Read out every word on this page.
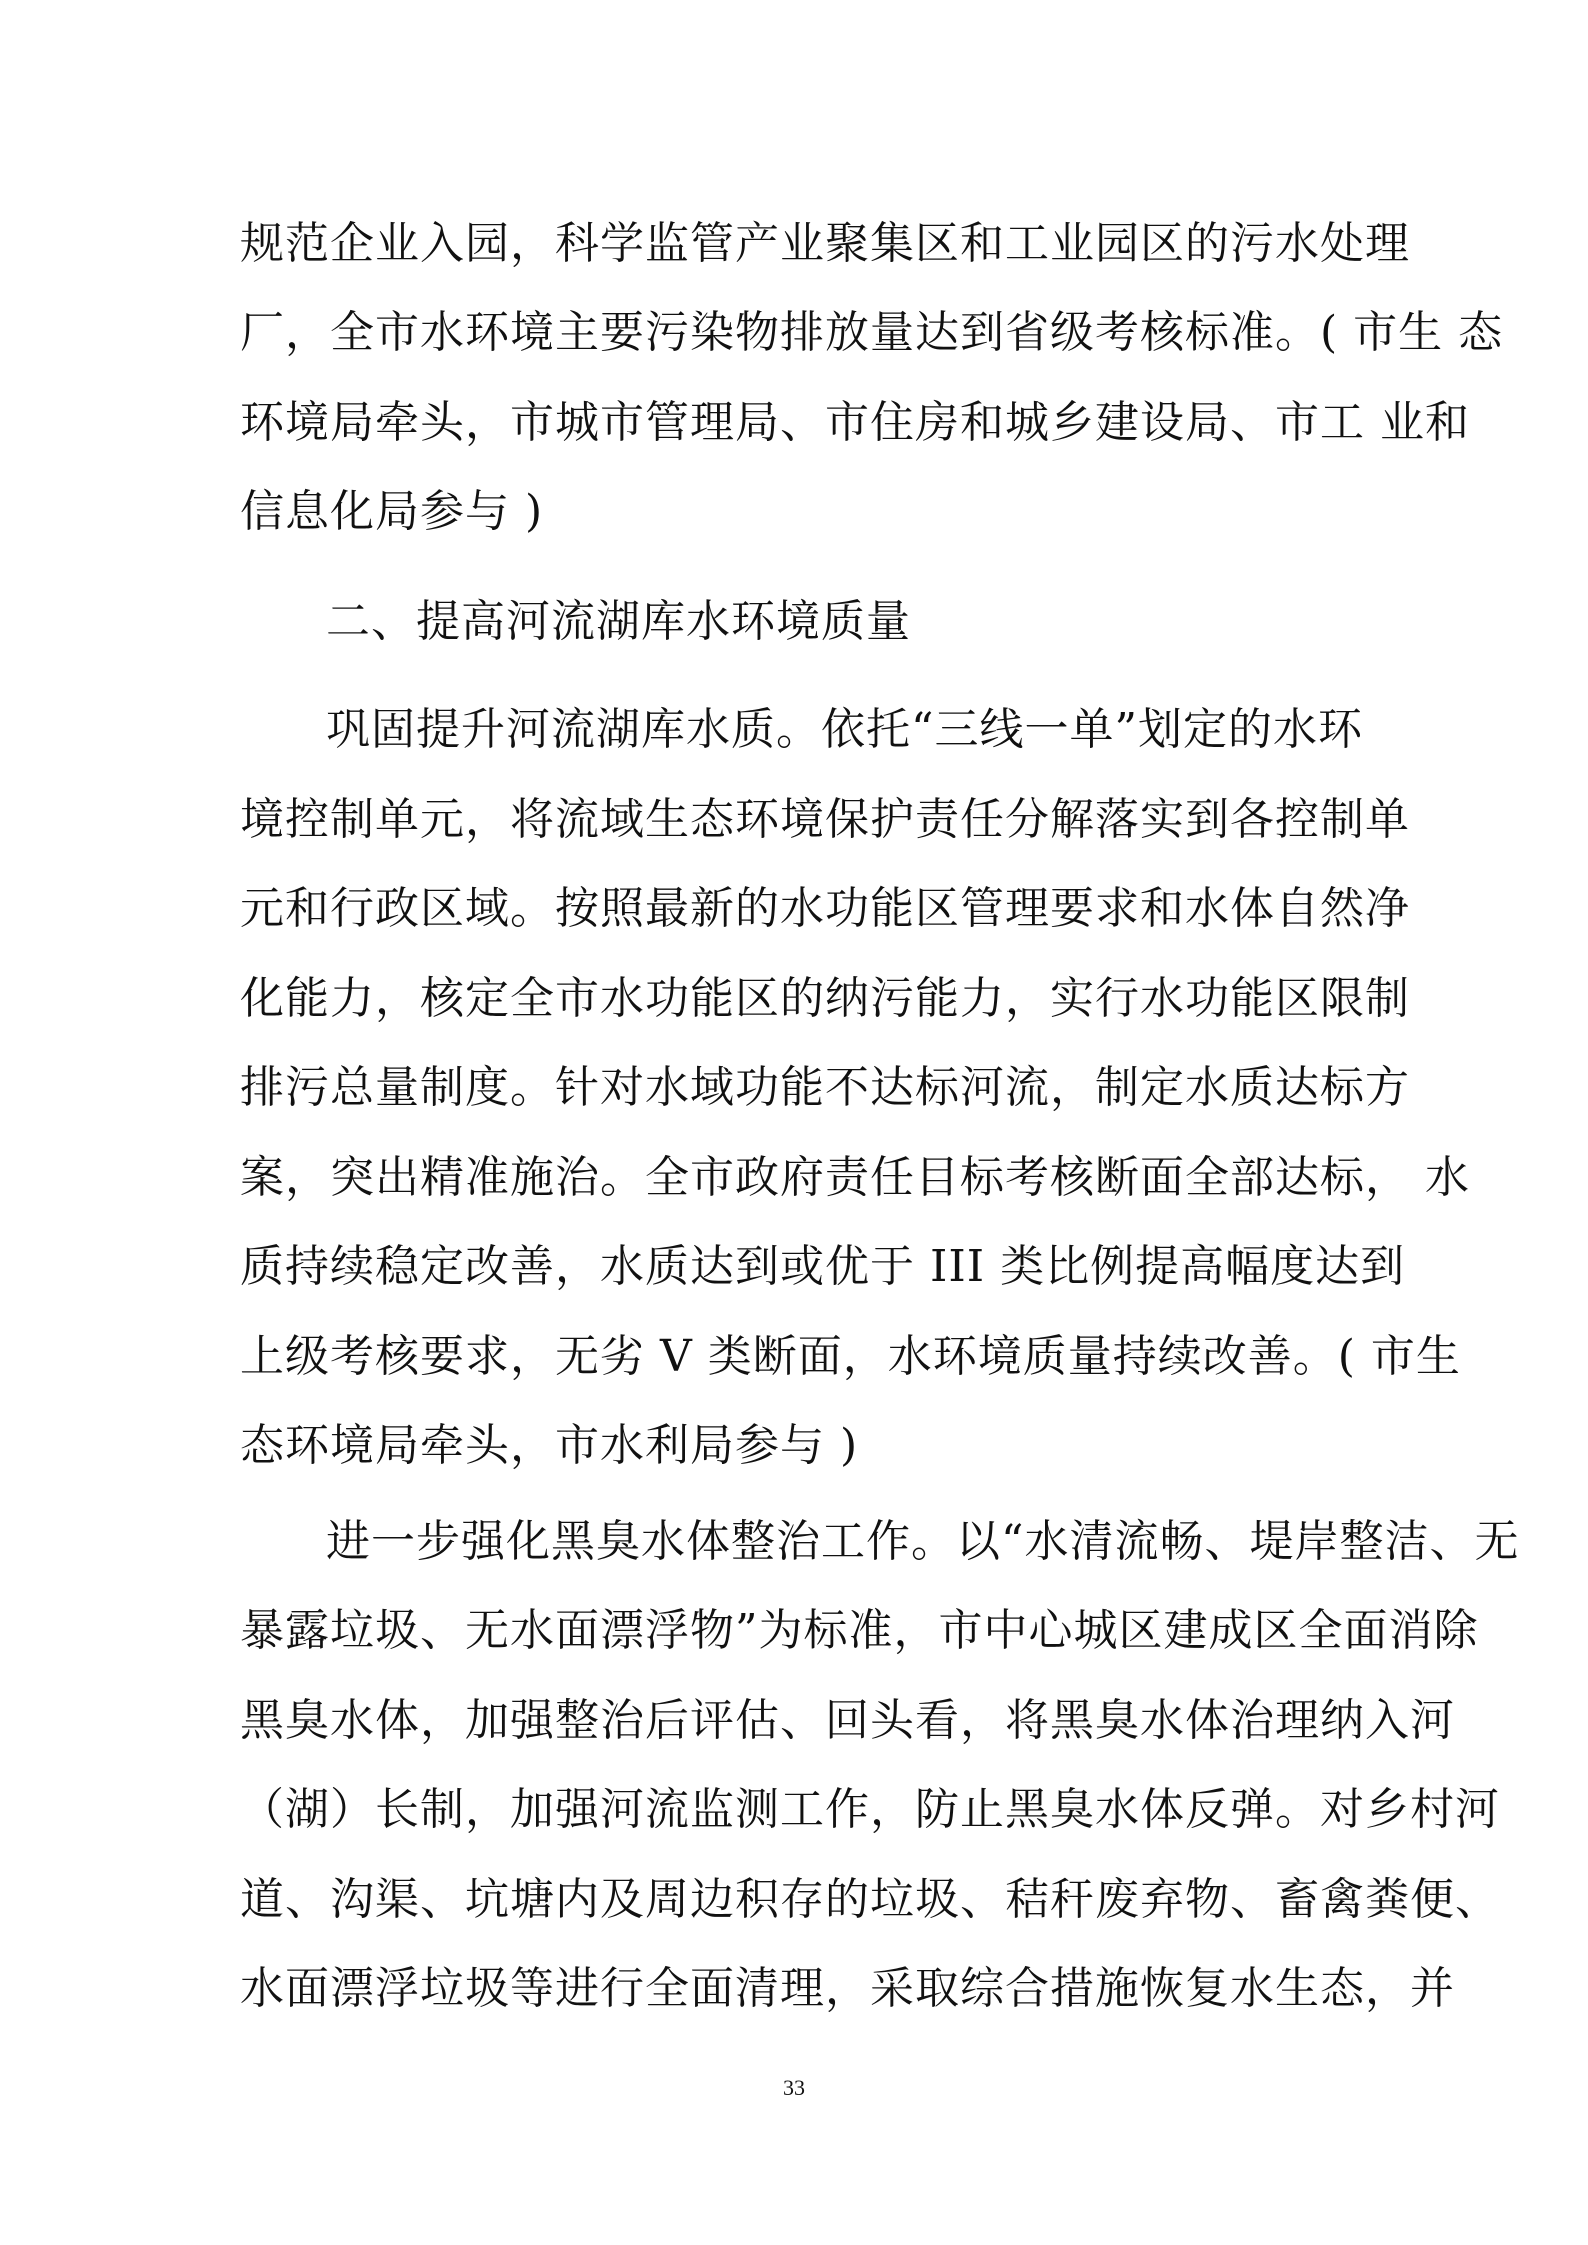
规范企业入园，科学监管产业聚集区和工业园区的污水处理
厂，全市水环境主要污染物排放量达到省级考核标准。( 市生 态
环境局牵头，市城市管理局、市住房和城乡建设局、市工 业和
信息化局参与 )
二、提高河流湖库水环境质量
巩固提升河流湖库水质。依托“三线一单”划定的水环
境控制单元，将流域生态环境保护责任分解落实到各控制单
元和行政区域。按照最新的水功能区管理要求和水体自然净
化能力，核定全市水功能区的纳污能力，实行水功能区限制
排污总量制度。针对水域功能不达标河流，制定水质达标方
案，突出精准施治。全市政府责任目标考核断面全部达标， 水
质持续稳定改善，水质达到或优于 III 类比例提高幅度达到
上级考核要求，无劣 V 类断面，水环境质量持续改善。( 市生
态环境局牵头，市水利局参与 )
进一步强化黑臭水体整治工作。以“水清流畅、堤岸整洁、无
暴露垃圾、无水面漂浮物”为标准，市中心城区建成区全面消除
黑臭水体，加强整治后评估、回头看，将黑臭水体治理纳入河
（湖）长制，加强河流监测工作，防止黑臭水体反弹。对乡村河
道、沟渠、坑塘内及周边积存的垃圾、秸秆废弃物、畜禽粪便、
水面漂浮垃圾等进行全面清理，采取综合措施恢复水生态，并
33
